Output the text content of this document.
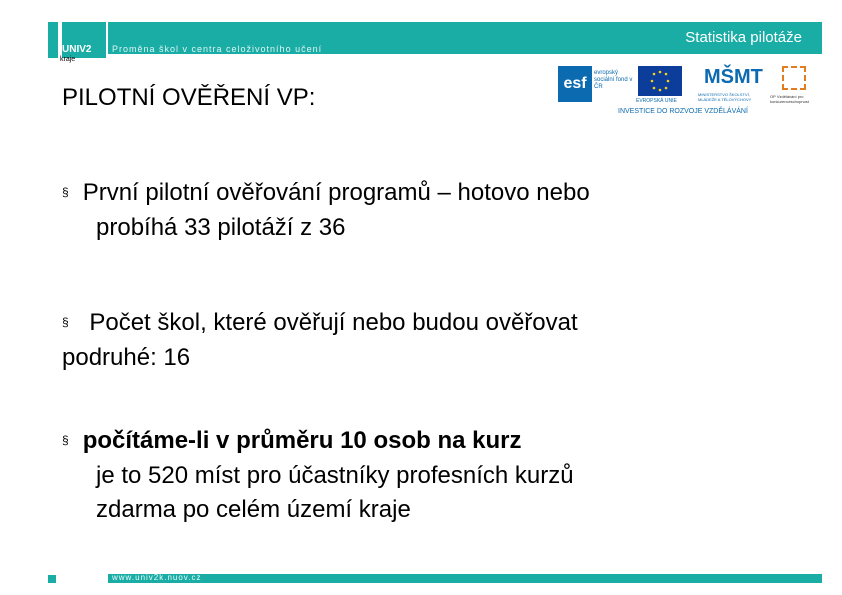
UNIV2
kraje
Proměna škol v centra celoživotního učení
Statistika pilotáže
esf
evropský sociální fond v ČR
EVROPSKÁ UNIE
MŠMT
MINISTERSTVO ŠKOLSTVÍ, MLÁDEŽE A TĚLOVÝCHOVY
OP Vzdělávání pro konkurenceschopnost
INVESTICE DO ROZVOJE VZDĚLÁVÁNÍ
PILOTNÍ OVĚŘENÍ VP:
§ První pilotní ověřování programů – hotovo nebo
probíhá 33 pilotáží z 36
§ Počet škol, které ověřují nebo budou ověřovat
podruhé: 16
§ počítáme-li v průměru 10 osob na kurz
je to 520 míst pro účastníky profesních kurzů
zdarma po celém území kraje
www.univ2k.nuov.cz
